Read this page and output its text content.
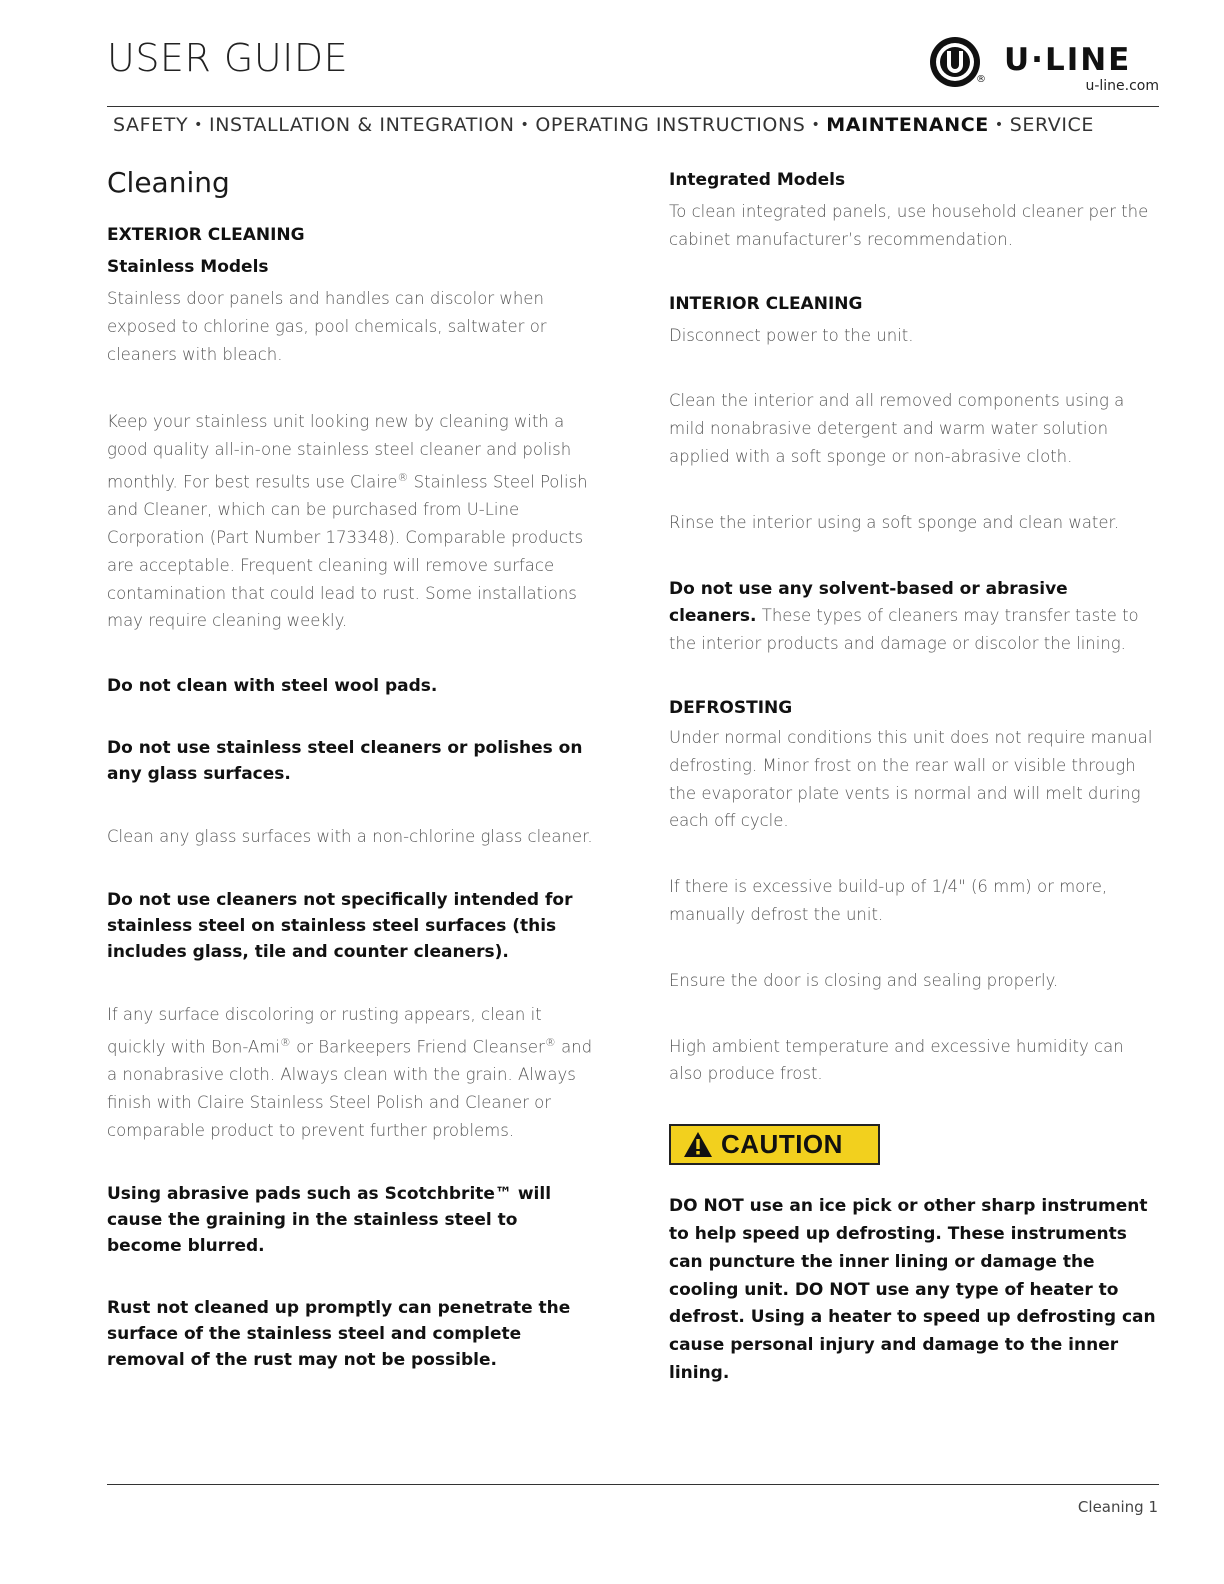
USER GUIDE	®
U·LINE
u-line.com
SAFETY • INSTALLATION & INTEGRATION • OPERATING INSTRUCTIONS • MAINTENANCE • SERVICE
Cleaning

EXTERIOR CLEANING

Stainless Models

Stainless door panels and handles can discolor when exposed to chlorine gas, pool chemicals, saltwater or cleaners with bleach.

Keep your stainless unit looking new by cleaning with a good quality all-in-one stainless steel cleaner and polish monthly. For best results use Claire® Stainless Steel Polish and Cleaner, which can be purchased from U-Line Corporation (Part Number 173348). Comparable products are acceptable. Frequent cleaning will remove surface contamination that could lead to rust. Some installations may require cleaning weekly.

Do not clean with steel wool pads.

Do not use stainless steel cleaners or polishes on any glass surfaces.

Clean any glass surfaces with a non-chlorine glass cleaner.

Do not use cleaners not specifically intended for stainless steel on stainless steel surfaces (this includes glass, tile and counter cleaners).

If any surface discoloring or rusting appears, clean it quickly with Bon-Ami® or Barkeepers Friend Cleanser® and a nonabrasive cloth. Always clean with the grain. Always finish with Claire Stainless Steel Polish and Cleaner or comparable product to prevent further problems.

Using abrasive pads such as Scotchbrite™ will cause the graining in the stainless steel to become blurred.

Rust not cleaned up promptly can penetrate the surface of the stainless steel and complete removal of the rust may not be possible.

Integrated Models

To clean integrated panels, use household cleaner per the cabinet manufacturer’s recommendation.

INTERIOR CLEANING

Disconnect power to the unit.

Clean the interior and all removed components using a mild nonabrasive detergent and warm water solution applied with a soft sponge or non-abrasive cloth.

Rinse the interior using a soft sponge and clean water.

Do not use any solvent-based or abrasive cleaners. These types of cleaners may transfer taste to the interior products and damage or discolor the lining.

DEFROSTING

Under normal conditions this unit does not require manual defrosting. Minor frost on the rear wall or visible through the evaporator plate vents is normal and will melt during each off cycle.

If there is excessive build-up of 1/4" (6 mm) or more, manually defrost the unit.

Ensure the door is closing and sealing properly.

High ambient temperature and excessive humidity can also produce frost.

CAUTION

DO NOT use an ice pick or other sharp instrument to help speed up defrosting. These instruments can puncture the inner lining or damage the cooling unit. DO NOT use any type of heater to defrost. Using a heater to speed up defrosting can cause personal injury and damage to the inner lining.

Cleaning 1
